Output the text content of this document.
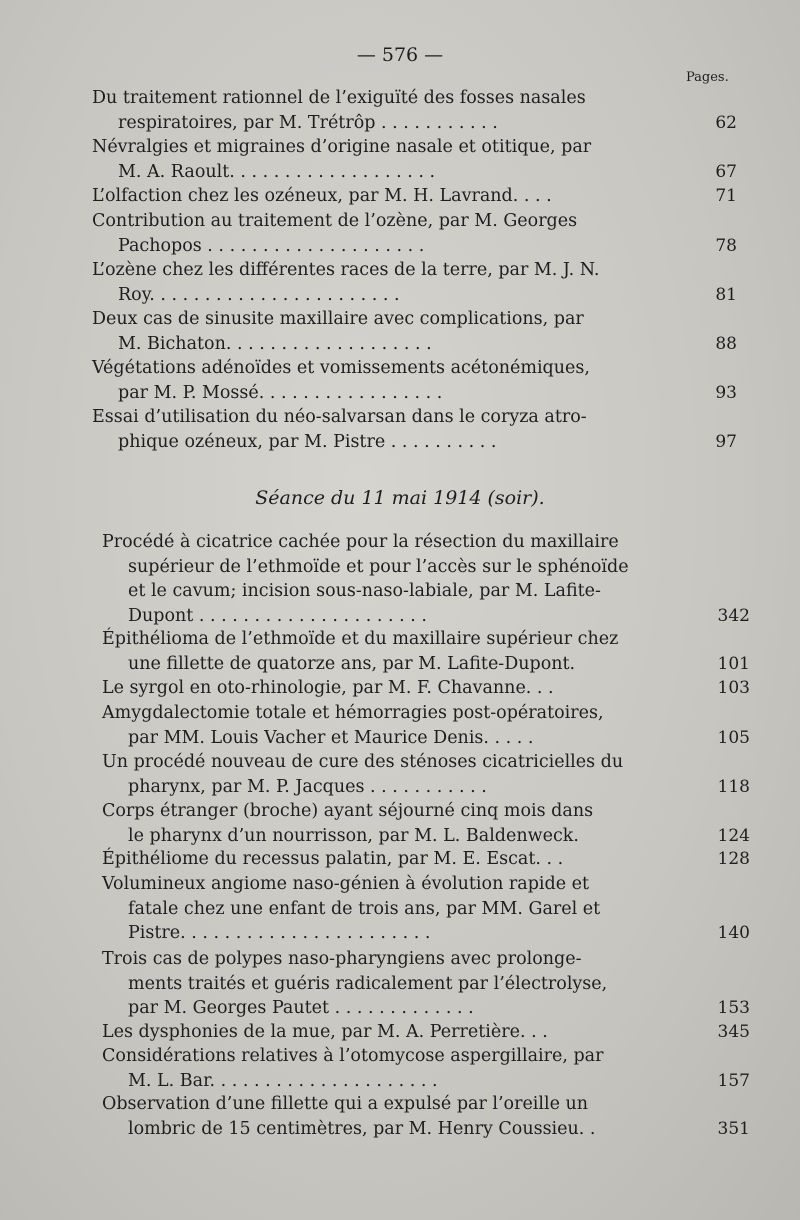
— 576 —
Pages.
Séance du 11 mai 1914 (soir).
Du traitement rationnel de l’exiguïté des fosses nasales
respiratoires, par M. Trétrôp . . . . . . . . . . .	62
Névralgies et migraines d’origine nasale et otitique, par
M. A. Raoult. . . . . . . . . . . . . . . . . . .	67
L’olfaction chez les ozéneux, par M. H. Lavrand. . . .	71
Contribution au traitement de l’ozène, par M. Georges
Pachopos . . . . . . . . . . . . . . . . . . . .	78
L’ozène chez les différentes races de la terre, par M. J. N.
Roy. . . . . . . . . . . . . . . . . . . . . . .	81
Deux cas de sinusite maxillaire avec complications, par
M. Bichaton. . . . . . . . . . . . . . . . . . .	88
Végétations adénoïdes et vomissements acétonémiques,
par M. P. Mossé. . . . . . . . . . . . . . . . .	93
Essai d’utilisation du néo-salvarsan dans le coryza atro-
phique ozéneux, par M. Pistre . . . . . . . . . .	97
Procédé à cicatrice cachée pour la résection du maxillaire
supérieur de l’ethmoïde et pour l’accès sur le sphénoïde
et le cavum; incision sous-naso-labiale, par M. Lafite-
Dupont . . . . . . . . . . . . . . . . . . . . .	342
Épithélioma de l’ethmoïde et du maxillaire supérieur chez
une fillette de quatorze ans, par M. Lafite-Dupont.	101
Le syrgol en oto-rhinologie, par M. F. Chavanne. . .	103
Amygdalectomie totale et hémorragies post-opératoires,
par MM. Louis Vacher et Maurice Denis. . . . .	105
Un procédé nouveau de cure des sténoses cicatricielles du
pharynx, par M. P. Jacques . . . . . . . . . . .	118
Corps étranger (broche) ayant séjourné cinq mois dans
le pharynx d’un nourrisson, par M. L. Baldenweck.	124
Épithéliome du recessus palatin, par M. E. Escat. . .	128
Volumineux angiome naso-génien à évolution rapide et
fatale chez une enfant de trois ans, par MM. Garel et
Pistre. . . . . . . . . . . . . . . . . . . . . . .	140
Trois cas de polypes naso-pharyngiens avec prolonge-
ments traités et guéris radicalement par l’électrolyse,
par M. Georges Pautet . . . . . . . . . . . . .	153
Les dysphonies de la mue, par M. A. Perretière. . .	345
Considérations relatives à l’otomycose aspergillaire, par
M. L. Bar. . . . . . . . . . . . . . . . . . . . .	157
Observation d’une fillette qui a expulsé par l’oreille un
lombric de 15 centimètres, par M. Henry Coussieu. .	351
